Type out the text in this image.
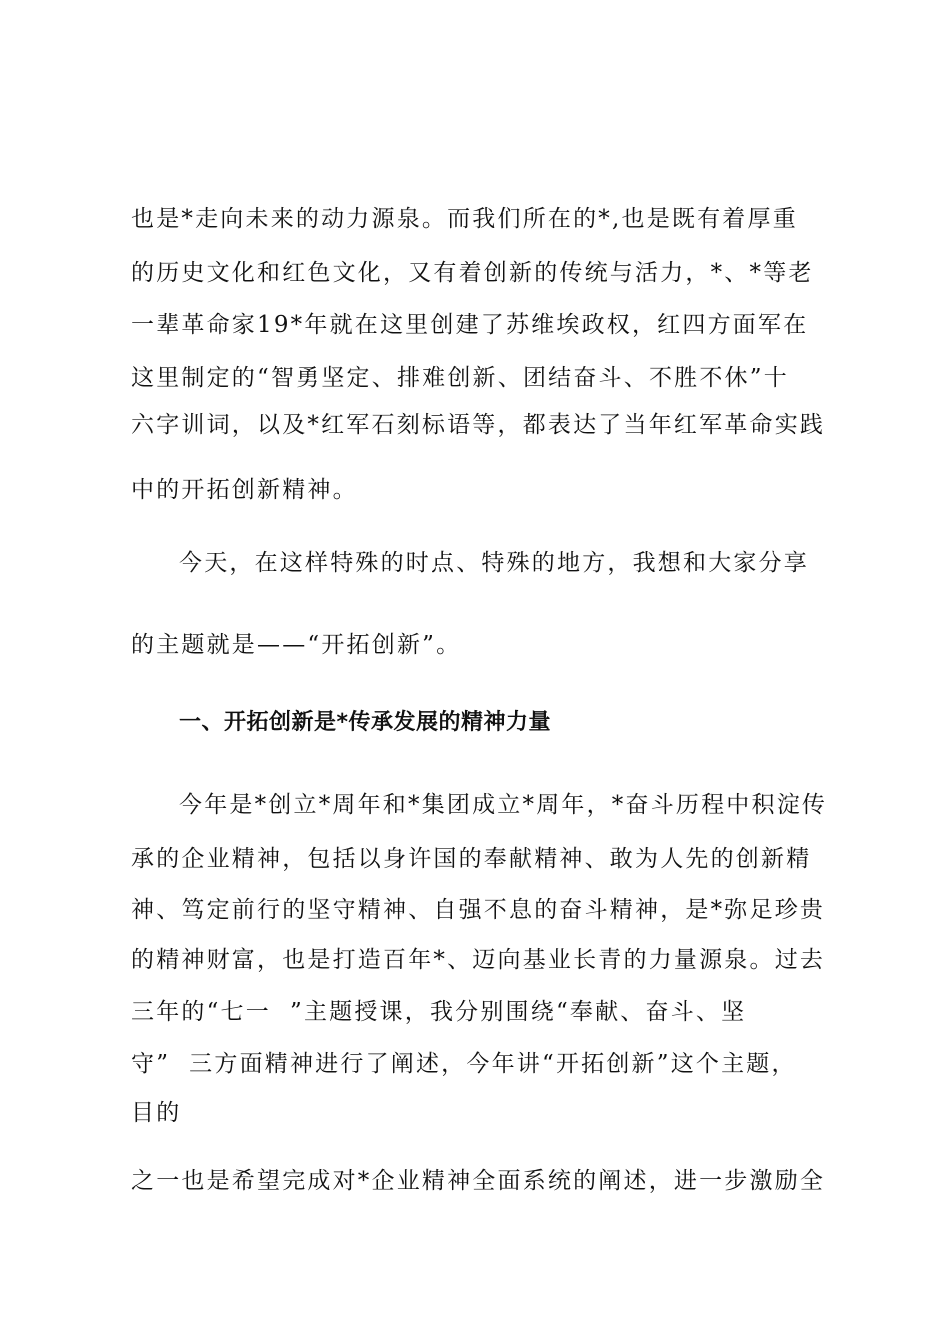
也是*走向未来的动力源泉。而我们所在的*,也是既有着厚重
的历史文化和红色文化，又有着创新的传统与活力，*、*等老
一辈革命家19*年就在这里创建了苏维埃政权，红四方面军在
这里制定的“智勇坚定、排难创新、团结奋斗、不胜不休”十
六字训词，以及*红军石刻标语等，都表达了当年红军革命实践
中的开拓创新精神。
今天，在这样特殊的时点、特殊的地方，我想和大家分享
的主题就是——“开拓创新”。
一、开拓创新是*传承发展的精神力量
今年是*创立*周年和*集团成立*周年，*奋斗历程中积淀传
承的企业精神，包括以身许国的奉献精神、敢为人先的创新精
神、笃定前行的坚守精神、自强不息的奋斗精神，是*弥足珍贵
的精神财富，也是打造百年*、迈向基业长青的力量源泉。过去
三年的“七一  ”主题授课，我分别围绕“奉献、奋斗、坚
守”  三方面精神进行了阐述，今年讲“开拓创新”这个主题，
目的
之一也是希望完成对*企业精神全面系统的阐述，进一步激励全
